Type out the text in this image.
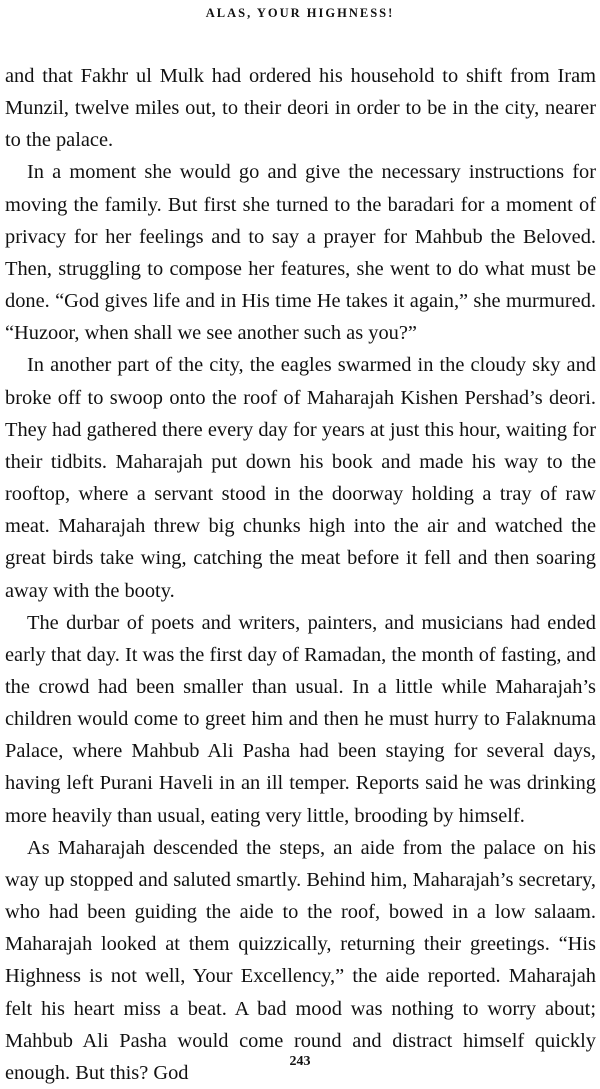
ALAS, YOUR HIGHNESS!

and that Fakhr ul Mulk had ordered his household to shift from Iram Munzil, twelve miles out, to their deori in order to be in the city, nearer to the palace.

In a moment she would go and give the necessary instructions for moving the family. But first she turned to the baradari for a moment of privacy for her feelings and to say a prayer for Mahbub the Beloved. Then, struggling to compose her features, she went to do what must be done. “God gives life and in His time He takes it again,” she murmured. “Huzoor, when shall we see another such as you?”

In another part of the city, the eagles swarmed in the cloudy sky and broke off to swoop onto the roof of Maharajah Kishen Pershad’s deori. They had gathered there every day for years at just this hour, waiting for their tidbits. Maharajah put down his book and made his way to the rooftop, where a servant stood in the doorway holding a tray of raw meat. Maharajah threw big chunks high into the air and watched the great birds take wing, catching the meat before it fell and then soaring away with the booty.

The durbar of poets and writers, painters, and musicians had ended early that day. It was the first day of Ramadan, the month of fasting, and the crowd had been smaller than usual. In a little while Maharajah’s children would come to greet him and then he must hurry to Falaknuma Palace, where Mahbub Ali Pasha had been staying for several days, having left Purani Haveli in an ill temper. Reports said he was drinking more heavily than usual, eating very little, brooding by himself.

As Maharajah descended the steps, an aide from the palace on his way up stopped and saluted smartly. Behind him, Maharajah’s secretary, who had been guiding the aide to the roof, bowed in a low salaam. Maharajah looked at them quizzically, returning their greetings. “His Highness is not well, Your Excellency,” the aide reported. Maharajah felt his heart miss a beat. A bad mood was nothing to worry about; Mahbub Ali Pasha would come round and distract himself quickly enough. But this? God

243
